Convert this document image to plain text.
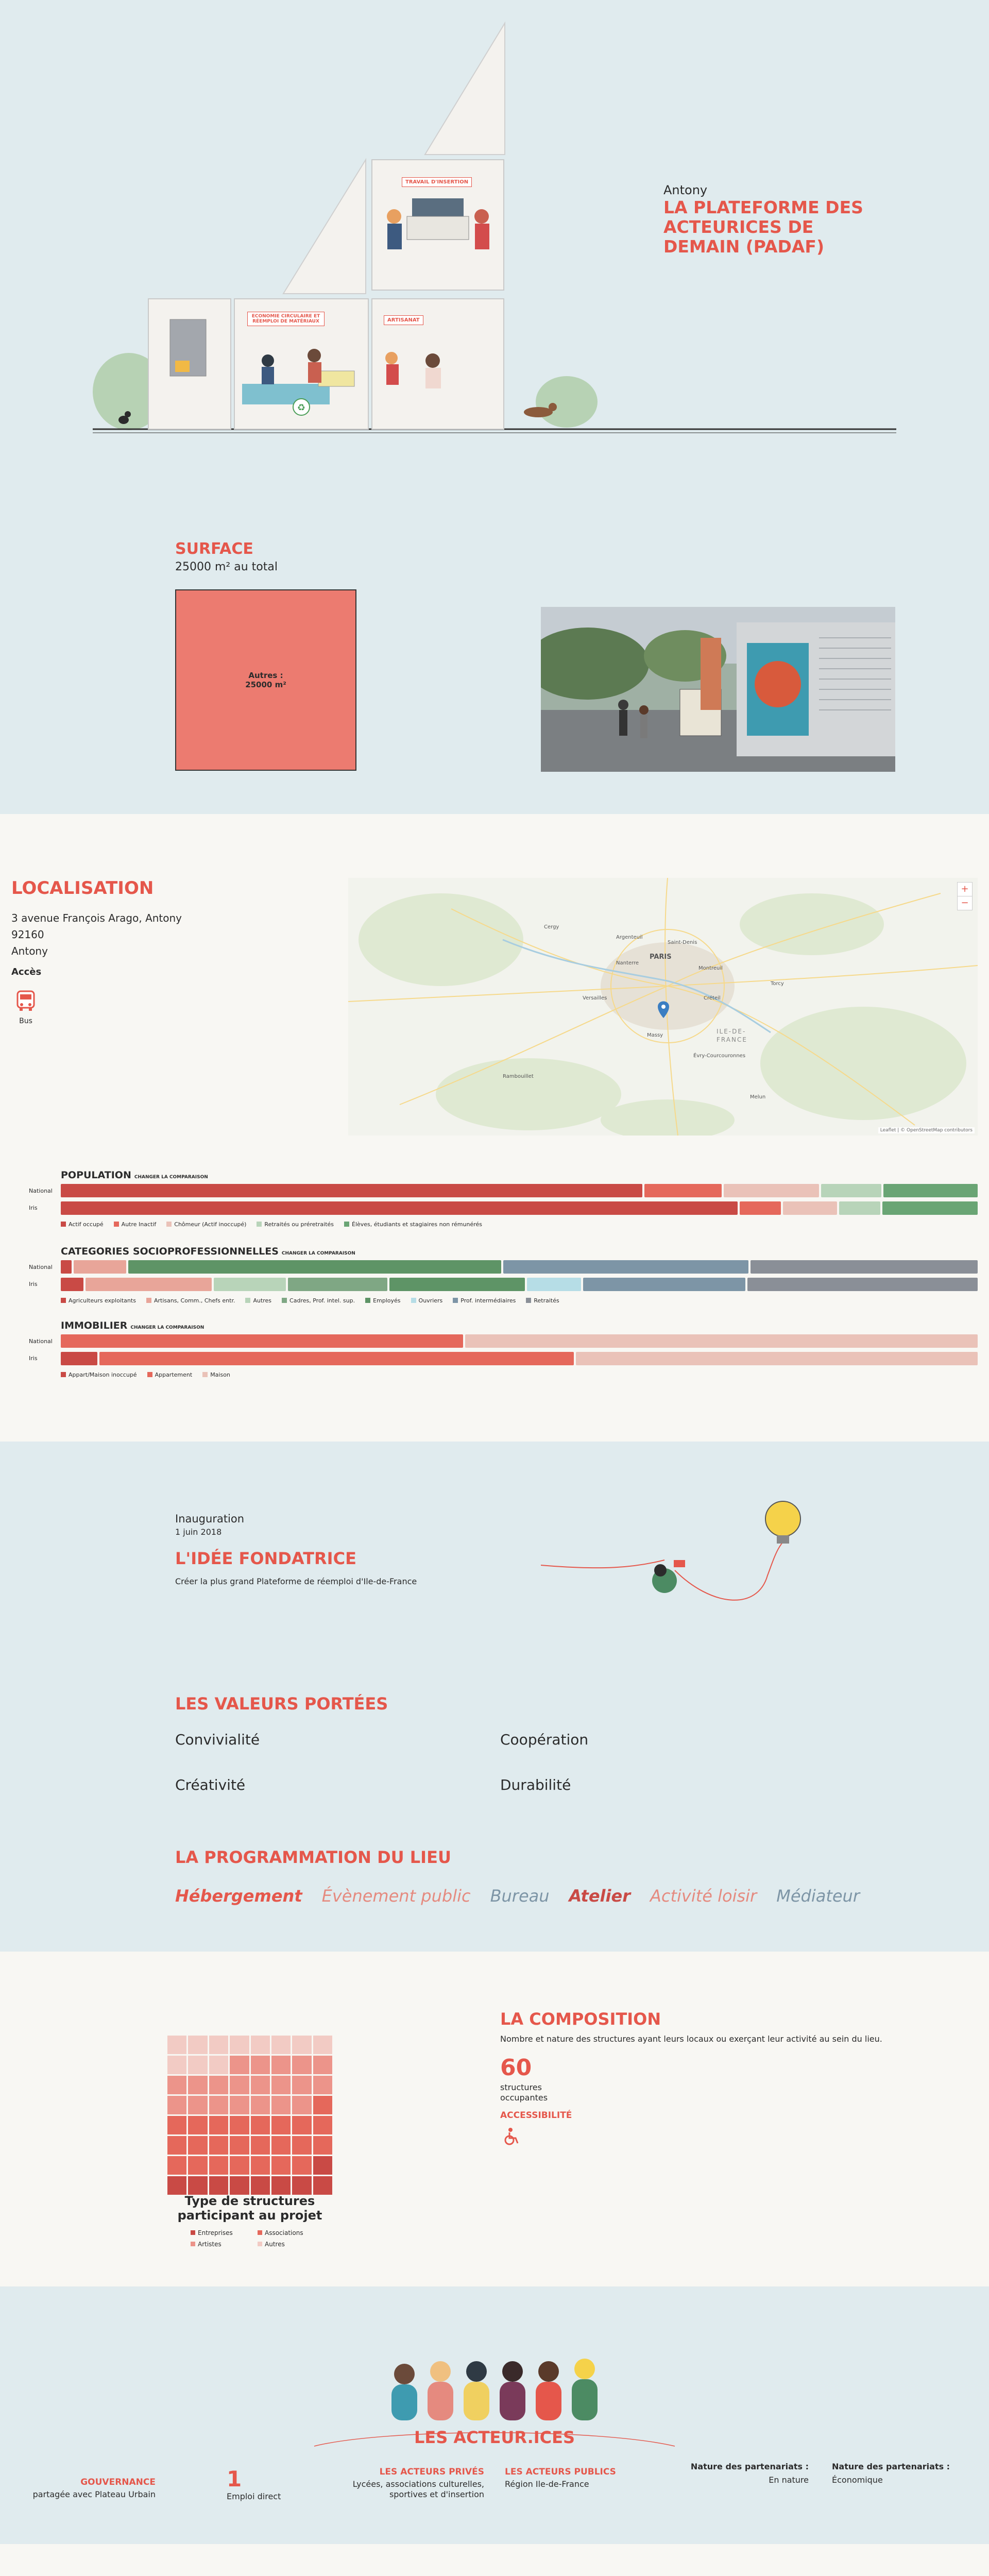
♻
TRAVAIL D'INSERTION
ECONOMIE CIRCULAIRE ET RÉEMPLOI DE MATÉRIAUX	ARTISANAT
Antony
LA PLATEFORME DES ACTEURICES DE DEMAIN (PADAF)
SURFACE
25000 m² au total
Autres :
25000 m²
LOCALISATION
3 avenue François Arago, Antony
92160
Antony
Accès
Bus
PARIS
ILE-DE-FRANCE
Versailles
Nanterre
Créteil
Évry-Courcouronnes
Argenteuil
Saint-Denis
Montreuil
Melun
Cergy
Rambouillet
Torcy
Massy
+
−
Leaflet | © OpenStreetMap contributors
POPULATION CHANGER LA COMPARAISON
National
Iris
Actif occupé	Autre Inactif	Chômeur (Actif inoccupé)	Retraités ou préretraités	Élèves, étudiants et stagiaires non rémunérés
CATEGORIES SOCIOPROFESSIONNELLES CHANGER LA COMPARAISON
National
Iris
Agriculteurs exploitants	Artisans, Comm., Chefs entr.	Autres	Cadres, Prof. intel. sup.	Employés	Ouvriers	Prof. intermédiaires	Retraités
IMMOBILIER CHANGER LA COMPARAISON
National
Iris
Appart/Maison inoccupé	Appartement	Maison
Inauguration
1 juin 2018
L'IDÉE FONDATRICE
Créer la plus grand Plateforme de réemploi d'Ile-de-France
LES VALEURS PORTÉES
Convivialité	Coopération
Créativité	Durabilité
LA PROGRAMMATION DU LIEU
Hébergement Évènement public Bureau Atelier Activité loisir Médiateur
Type de structures participant au projet
Entreprises	Associations
Artistes	Autres
LA COMPOSITION
Nombre et nature des structures ayant leurs locaux ou exerçant leur activité au sein du lieu.
60
structures occupantes
ACCESSIBILITÉ
LES ACTEUR.ICES
GOUVERNANCE
partagée avec Plateau Urbain
1
Emploi direct
LES ACTEURS PRIVÉS
Lycées, associations culturelles, sportives et d'insertion
LES ACTEURS PUBLICS
Région Ile-de-France
Nature des partenariats :
En nature
Nature des partenariats :
Économique
